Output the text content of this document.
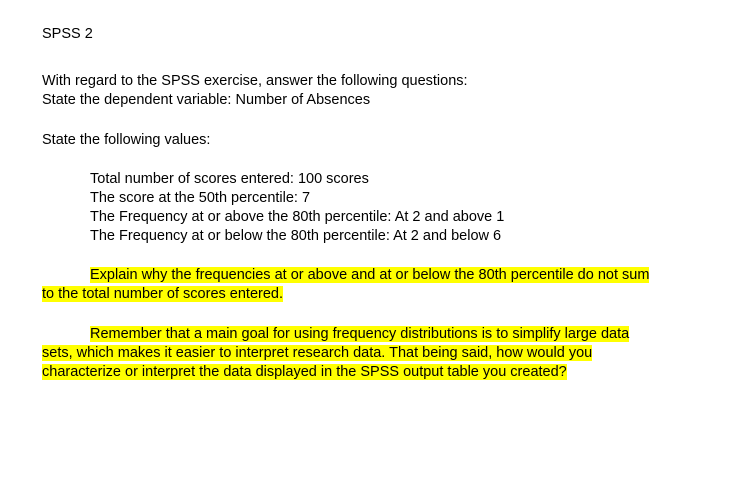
SPSS 2
With regard to the SPSS exercise, answer the following questions:
State the dependent variable: Number of Absences
State the following values:
Total number of scores entered: 100 scores
The score at the 50th percentile: 7
The Frequency at or above the 80th percentile: At 2 and above 1
The Frequency at or below the 80th percentile: At 2 and below 6
Explain why the frequencies at or above and at or below the 80th percentile do not sum
to the total number of scores entered.
Remember that a main goal for using frequency distributions is to simplify large data
sets, which makes it easier to interpret research data. That being said, how would you
characterize or interpret the data displayed in the SPSS output table you created?
